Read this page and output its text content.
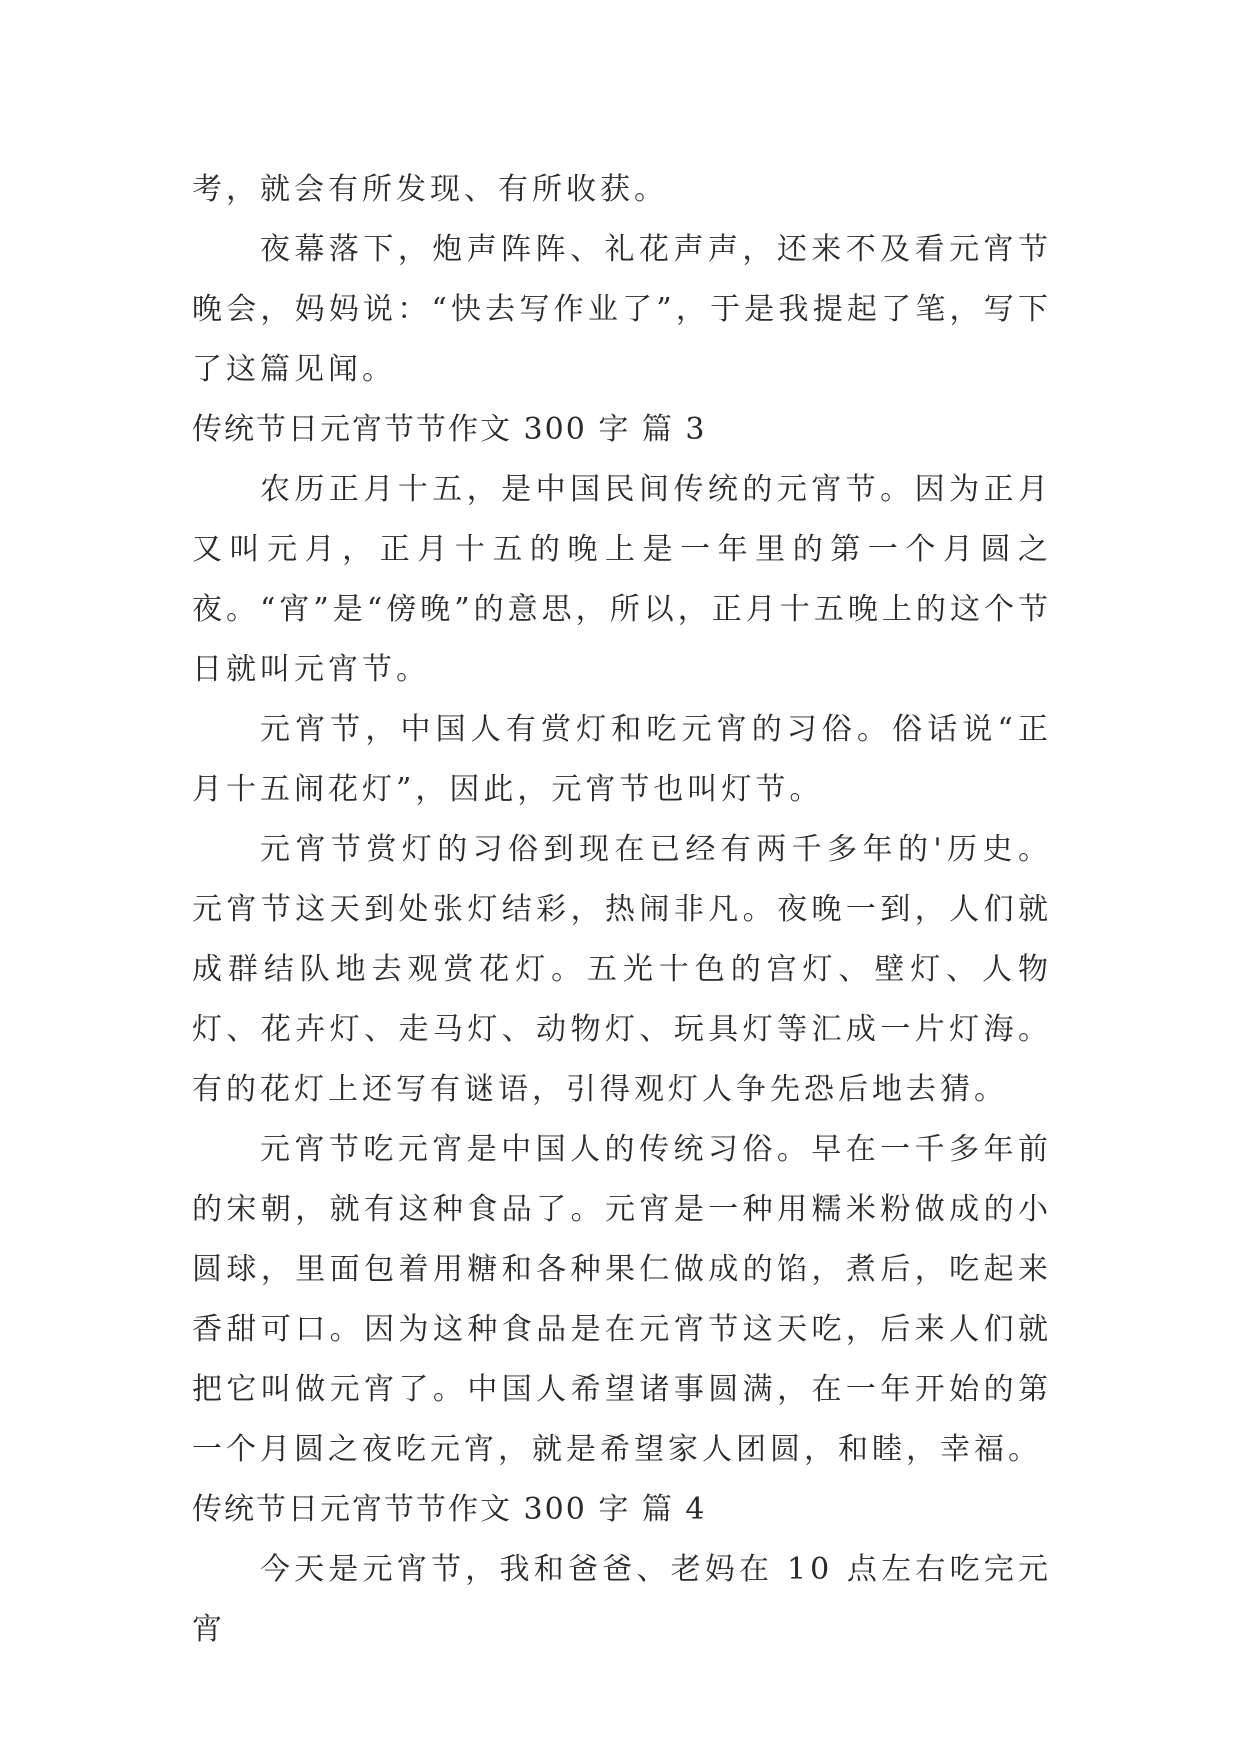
考，就会有所发现、有所收获。

夜幕落下，炮声阵阵、礼花声声，还来不及看元宵节晚会，妈妈说：“快去写作业了”，于是我提起了笔，写下了这篇见闻。

传统节日元宵节节作文 300 字 篇 3

农历正月十五，是中国民间传统的元宵节。因为正月又叫元月，正月十五的晚上是一年里的第一个月圆之夜。“宵”是“傍晚”的意思，所以，正月十五晚上的这个节日就叫元宵节。

元宵节，中国人有赏灯和吃元宵的习俗。俗话说“正月十五闹花灯”，因此，元宵节也叫灯节。

元宵节赏灯的习俗到现在已经有两千多年的'历史。元宵节这天到处张灯结彩，热闹非凡。夜晚一到，人们就成群结队地去观赏花灯。五光十色的宫灯、壁灯、人物灯、花卉灯、走马灯、动物灯、玩具灯等汇成一片灯海。有的花灯上还写有谜语，引得观灯人争先恐后地去猜。

元宵节吃元宵是中国人的传统习俗。早在一千多年前的宋朝，就有这种食品了。元宵是一种用糯米粉做成的小圆球，里面包着用糖和各种果仁做成的馅，煮后，吃起来香甜可口。因为这种食品是在元宵节这天吃，后来人们就把它叫做元宵了。中国人希望诸事圆满，在一年开始的第一个月圆之夜吃元宵，就是希望家人团圆，和睦，幸福。

传统节日元宵节节作文 300 字 篇 4

今天是元宵节，我和爸爸、老妈在 10 点左右吃完元宵
